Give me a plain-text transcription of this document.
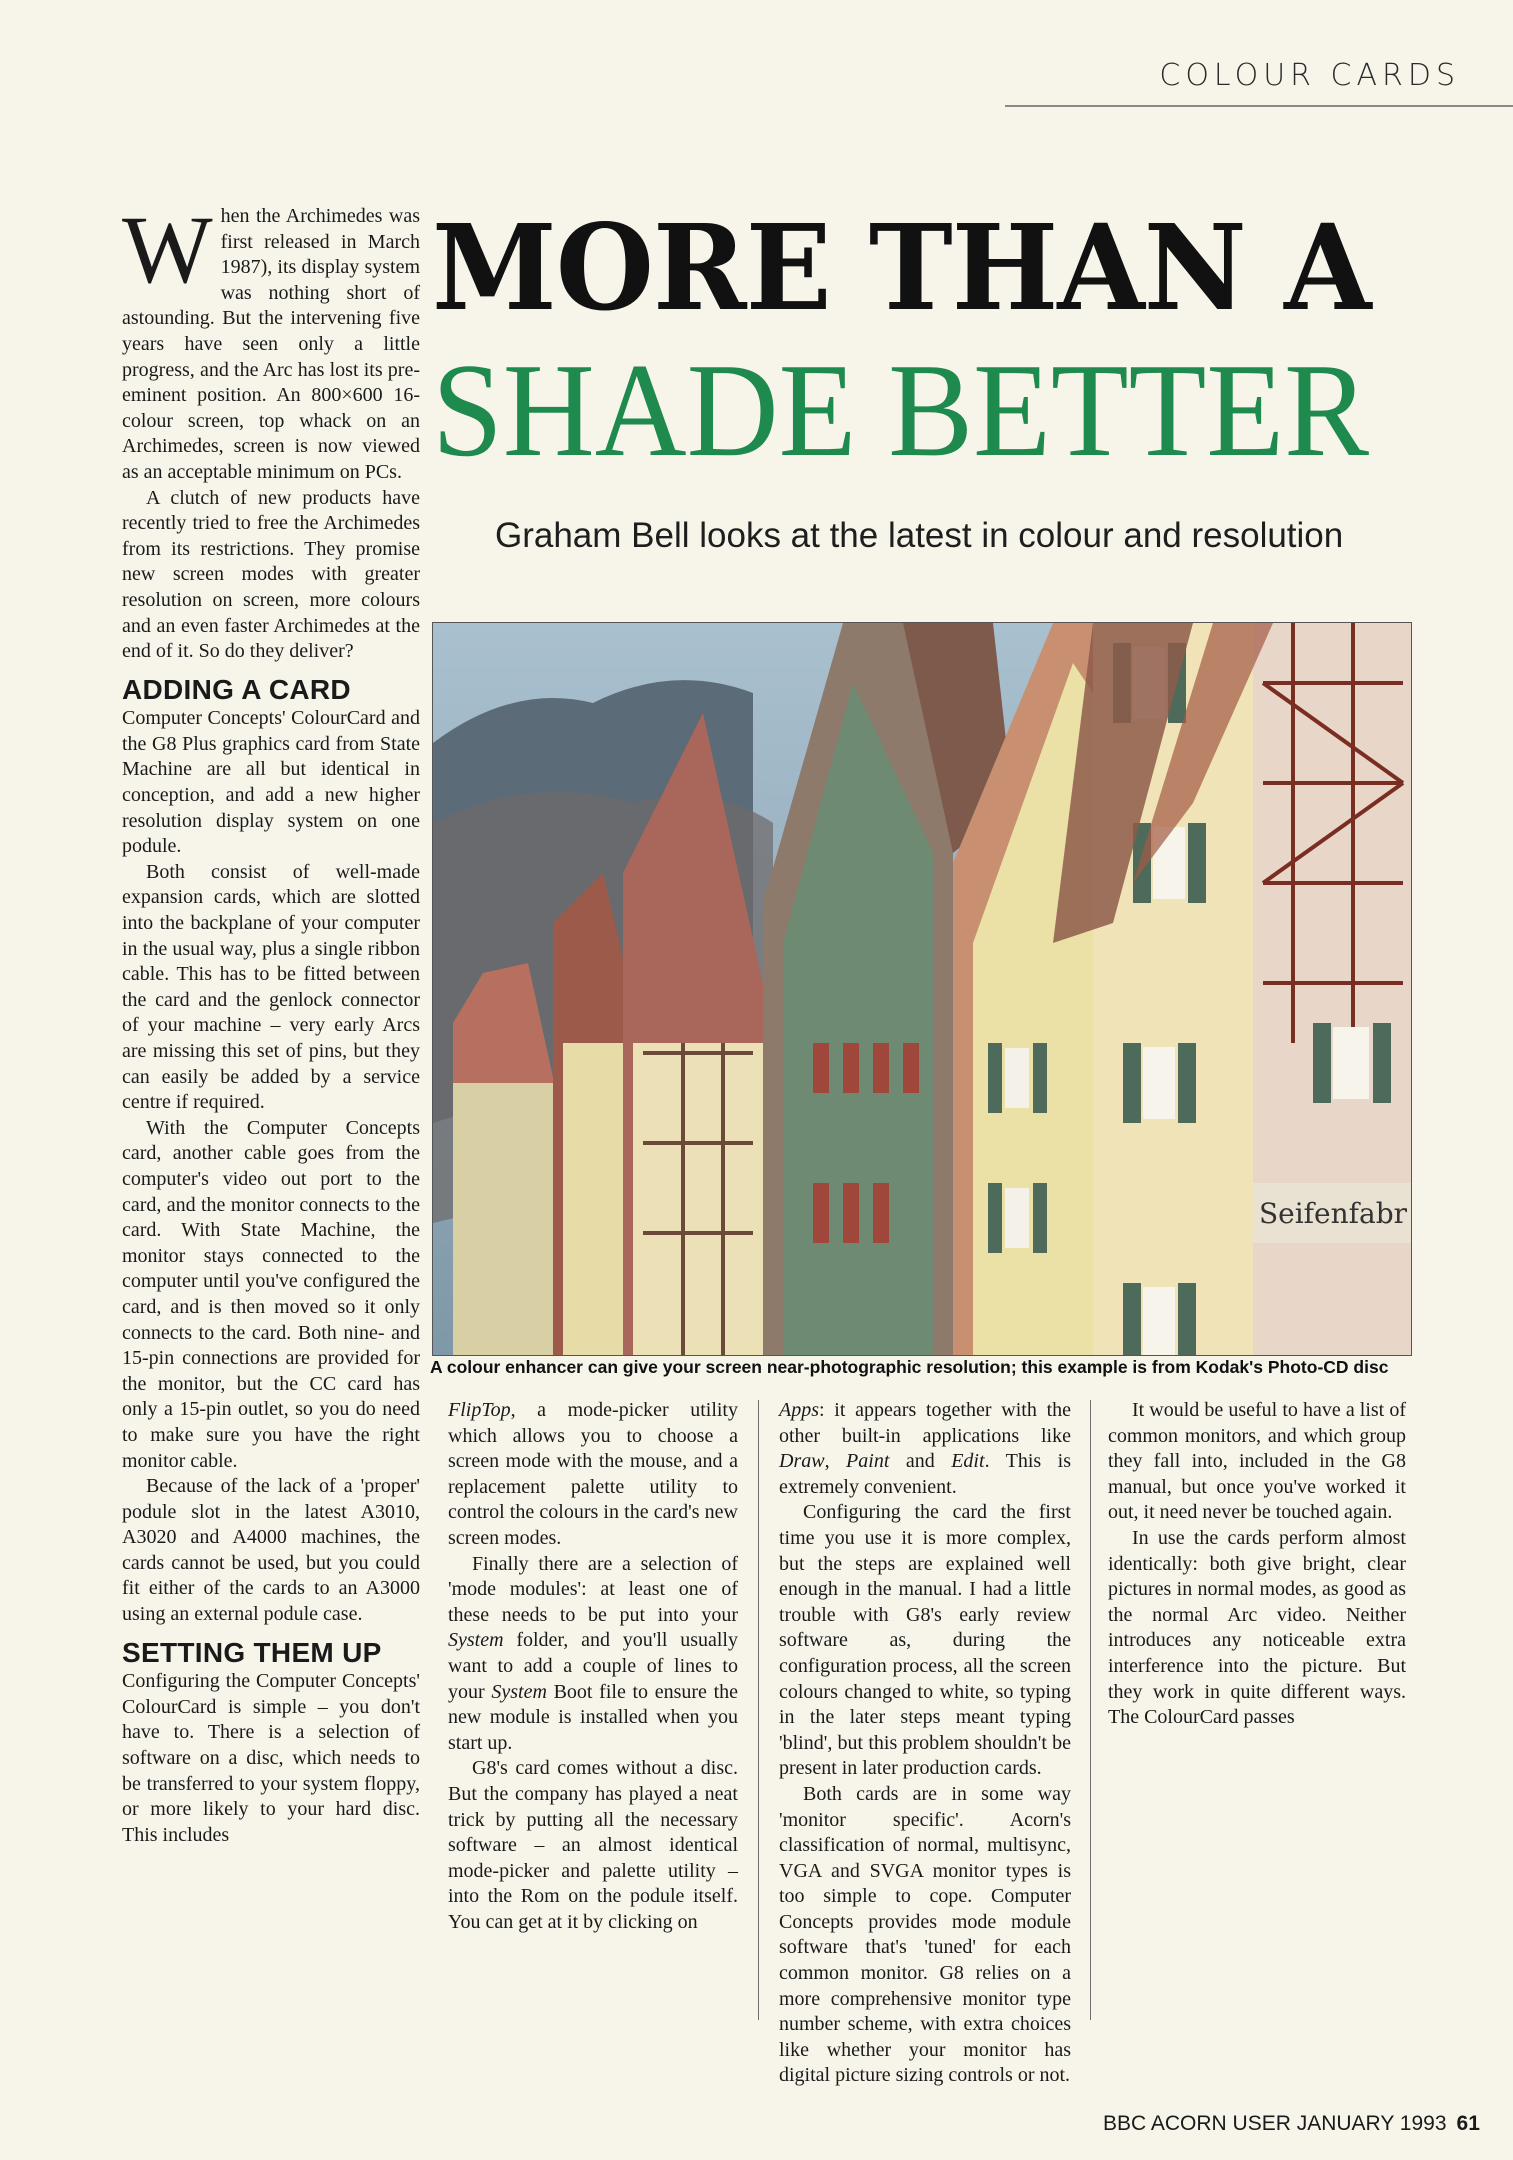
COLOUR CARDS
MORE THAN A
SHADE BETTER
Graham Bell looks at the latest in colour and resolution
Seifenfabr
A colour enhancer can give your screen near-photographic resolution; this example is from Kodak's Photo-CD disc

When the Archimedes was first released in March 1987), its display system was nothing short of astounding. But the intervening five years have seen only a little progress, and the Arc has lost its pre-eminent position. An 800×600 16-colour screen, top whack on an Archimedes, screen is now viewed as an acceptable minimum on PCs.

A clutch of new products have recently tried to free the Archimedes from its restrictions. They promise new screen modes with greater resolution on screen, more colours and an even faster Archimedes at the end of it. So do they deliver?

ADDING A CARD

Computer Concepts' ColourCard and the G8 Plus graphics card from State Machine are all but identical in conception, and add a new higher resolution display system on one podule.

Both consist of well-made expansion cards, which are slotted into the backplane of your computer in the usual way, plus a single ribbon cable. This has to be fitted between the card and the genlock connector of your machine – very early Arcs are missing this set of pins, but they can easily be added by a service centre if required.

With the Computer Concepts card, another cable goes from the computer's video out port to the card, and the monitor connects to the card. With State Machine, the monitor stays connected to the computer until you've configured the card, and is then moved so it only connects to the card. Both nine- and 15-pin connections are provided for the monitor, but the CC card has only a 15-pin outlet, so you do need to make sure you have the right monitor cable.

Because of the lack of a 'proper' podule slot in the latest A3010, A3020 and A4000 machines, the cards cannot be used, but you could fit either of the cards to an A3000 using an external podule case.

SETTING THEM UP

Configuring the Computer Concepts' ColourCard is simple – you don't have to. There is a selection of software on a disc, which needs to be transferred to your system floppy, or more likely to your hard disc. This includes

FlipTop, a mode-picker utility which allows you to choose a screen mode with the mouse, and a replacement palette utility to control the colours in the card's new screen modes.

Finally there are a selection of 'mode modules': at least one of these needs to be put into your System folder, and you'll usually want to add a couple of lines to your System Boot file to ensure the new module is installed when you start up.

G8's card comes without a disc. But the company has played a neat trick by putting all the necessary software – an almost identical mode-picker and palette utility – into the Rom on the podule itself. You can get at it by clicking on

Apps: it appears together with the other built-in applications like Draw, Paint and Edit. This is extremely convenient.

Configuring the card the first time you use it is more complex, but the steps are explained well enough in the manual. I had a little trouble with G8's early review software as, during the configuration process, all the screen colours changed to white, so typing in the later steps meant typing 'blind', but this problem shouldn't be present in later production cards.

Both cards are in some way 'monitor specific'. Acorn's classification of normal, multisync, VGA and SVGA monitor types is too simple to cope. Computer Concepts provides mode module software that's 'tuned' for each common monitor. G8 relies on a more comprehensive monitor type number scheme, with extra choices like whether your monitor has digital picture sizing controls or not.

It would be useful to have a list of common monitors, and which group they fall into, included in the G8 manual, but once you've worked it out, it need never be touched again.

In use the cards perform almost identically: both give bright, clear pictures in normal modes, as good as the normal Arc video. Neither introduces any noticeable extra interference into the picture. But they work in quite different ways. The ColourCard passes

BBC ACORN USER JANUARY 1993 61
